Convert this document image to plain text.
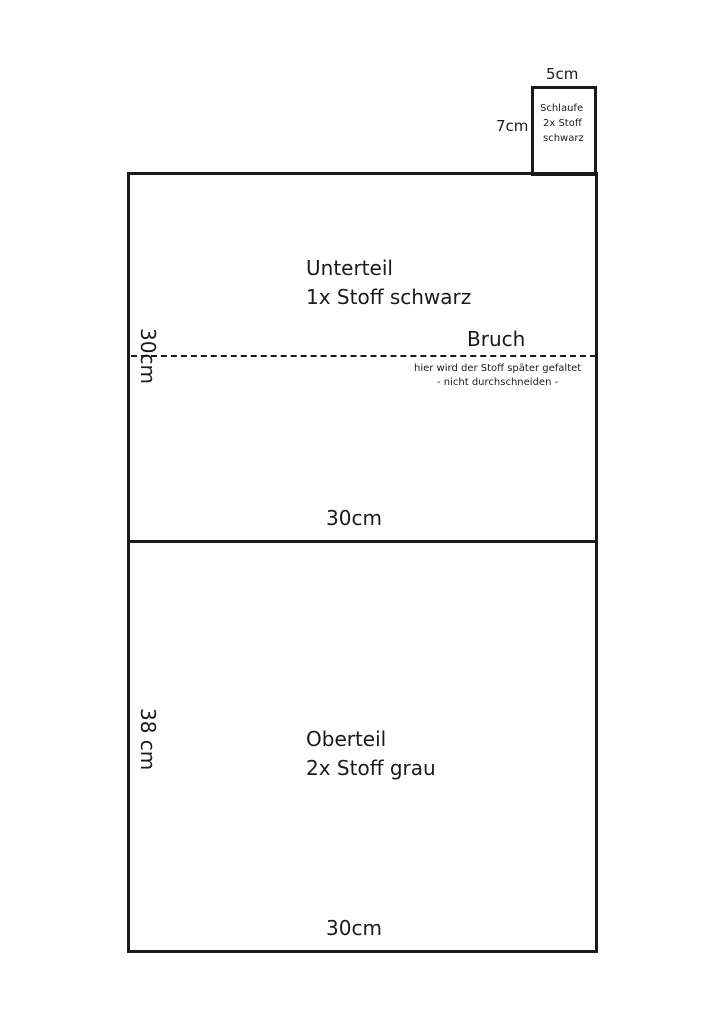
5cm
7cm
Schlaufe
2x Stoff
schwarz
Unterteil
1x Stoff schwarz
30cm
30cm
Bruch
hier wird der Stoff später gefaltet
- nicht durchschneiden -
Oberteil
2x Stoff grau
38 cm
30cm
